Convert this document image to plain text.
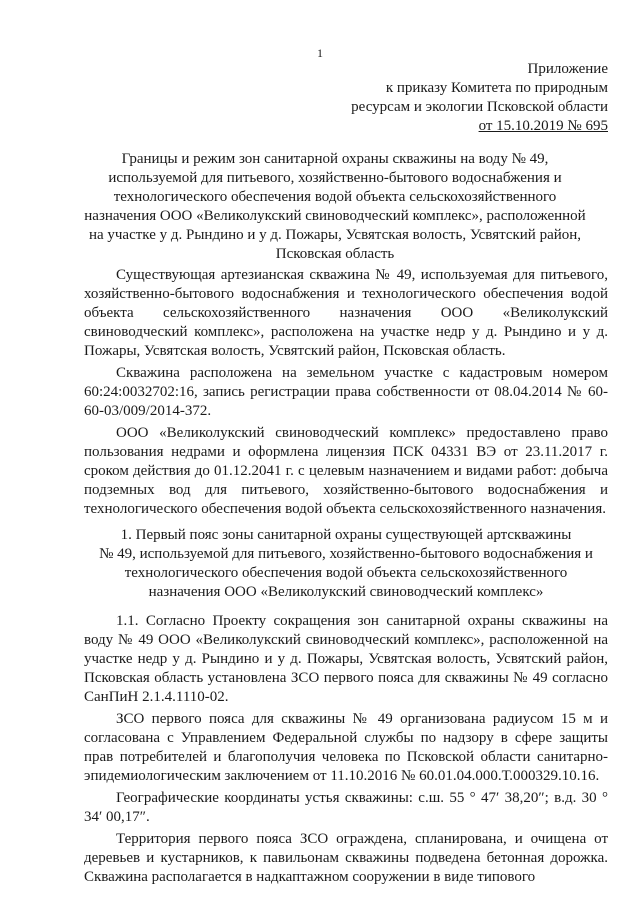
1
Приложение
к приказу Комитета по природным
ресурсам и экологии Псковской области
от 15.10.2019 № 695
Границы и режим зон санитарной охраны скважины на воду № 49,
используемой для питьевого, хозяйственно-бытового водоснабжения и
технологического обеспечения водой объекта сельскохозяйственного
назначения ООО «Великолукский свиноводческий комплекс», расположенной
на участке у д. Рындино и у д. Пожары, Усвятская волость, Усвятский район,
Псковская область

Существующая артезианская скважина № 49, используемая для питьевого, хозяйственно-бытового водоснабжения и технологического обеспечения водой объекта сельскохозяйственного назначения ООО «Великолукский свиноводческий комплекс», расположена на участке недр у д. Рындино и у д. Пожары, Усвятская волость, Усвятский район, Псковская область.

Скважина расположена на земельном участке с кадастровым номером 60:24:0032702:16, запись регистрации права собственности от 08.04.2014 № 60-60-03/009/2014-372.

ООО «Великолукский свиноводческий комплекс» предоставлено право пользования недрами и оформлена лицензия ПСК 04331 ВЭ от 23.11.2017 г. сроком действия до 01.12.2041 г. с целевым назначением и видами работ: добыча подземных вод для питьевого, хозяйственно-бытового водоснабжения и технологического обеспечения водой объекта сельскохозяйственного назначения.

1. Первый пояс зоны санитарной охраны существующей артскважины
№ 49, используемой для питьевого, хозяйственно-бытового водоснабжения и
технологического обеспечения водой объекта сельскохозяйственного
назначения ООО «Великолукский свиноводческий комплекс»

1.1. Согласно Проекту сокращения зон санитарной охраны скважины на воду № 49 ООО «Великолукский свиноводческий комплекс», расположенной на участке недр у д. Рындино и у д. Пожары, Усвятская волость, Усвятский район, Псковская область установлена ЗСО первого пояса для скважины № 49 согласно СанПиН 2.1.4.1110-02.

ЗСО первого пояса для скважины № 49 организована радиусом 15 м и согласована с Управлением Федеральной службы по надзору в сфере защиты прав потребителей и благополучия человека по Псковской области санитарно-эпидемиологическим заключением от 11.10.2016 № 60.01.04.000.Т.000329.10.16.

Географические координаты устья скважины: с.ш. 55 ° 47′ 38,20″; в.д. 30 ° 34′ 00,17″.

Территория первого пояса ЗСО ограждена, спланирована, и очищена от деревьев и кустарников, к павильонам скважины подведена бетонная дорожка. Скважина располагается в надкаптажном сооружении в виде типового
